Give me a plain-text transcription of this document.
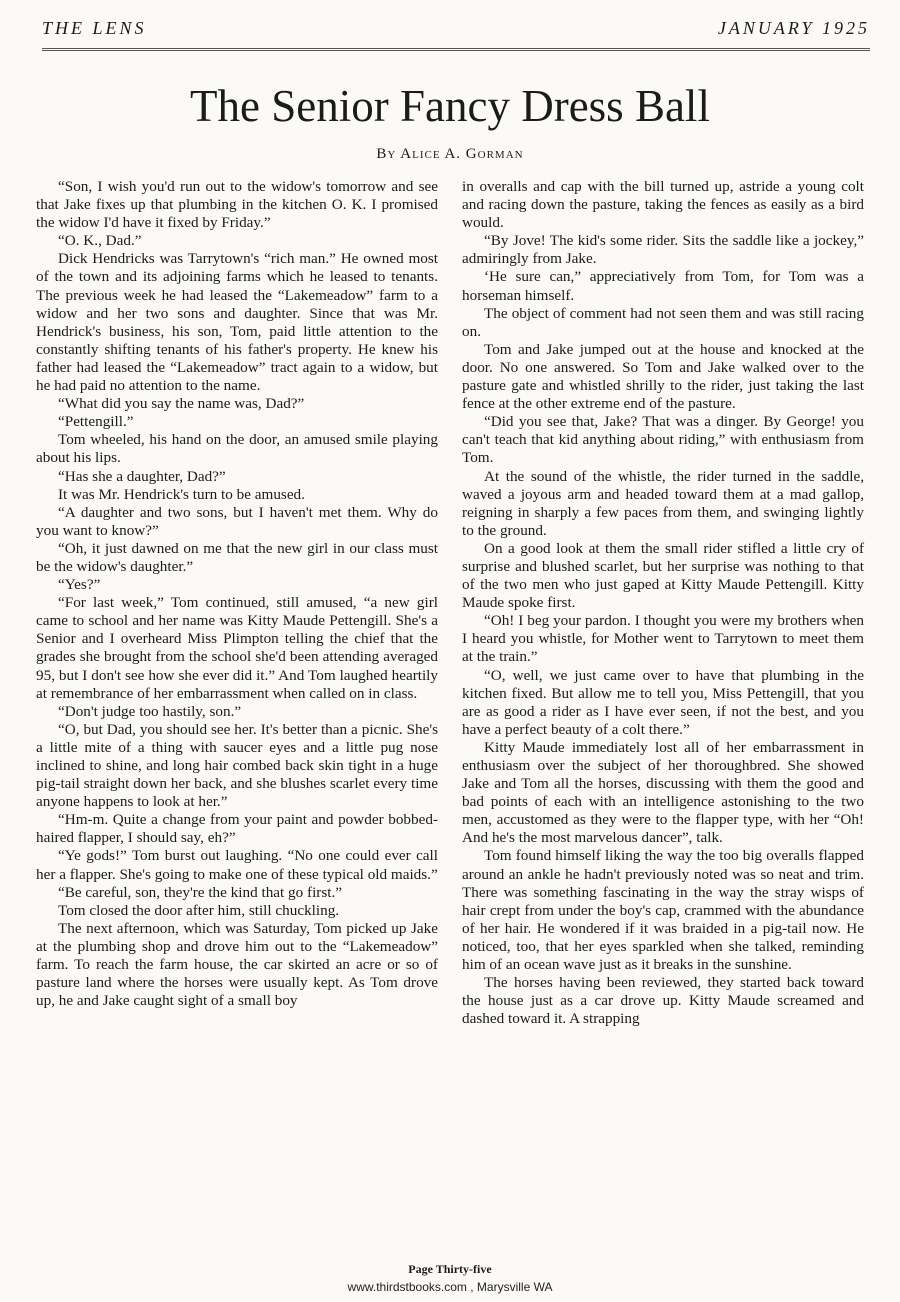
THE LENS	JANUARY 1925
The Senior Fancy Dress Ball
By Alice A. Gorman

“Son, I wish you'd run out to the widow's tomorrow and see that Jake fixes up that plumbing in the kitchen O. K. I promised the widow I'd have it fixed by Friday.”

“O. K., Dad.”

Dick Hendricks was Tarrytown's “rich man.” He owned most of the town and its adjoining farms which he leased to tenants. The previous week he had leased the “Lakemeadow” farm to a widow and her two sons and daughter. Since that was Mr. Hendrick's business, his son, Tom, paid little attention to the constantly shifting tenants of his father's property. He knew his father had leased the “Lakemeadow” tract again to a widow, but he had paid no attention to the name.

“What did you say the name was, Dad?”

“Pettengill.”

Tom wheeled, his hand on the door, an amused smile playing about his lips.

“Has she a daughter, Dad?”

It was Mr. Hendrick's turn to be amused.

“A daughter and two sons, but I haven't met them. Why do you want to know?”

“Oh, it just dawned on me that the new girl in our class must be the widow's daughter.”

“Yes?”

“For last week,” Tom continued, still amused, “a new girl came to school and her name was Kitty Maude Pettengill. She's a Senior and I overheard Miss Plimpton telling the chief that the grades she brought from the school she'd been attending averaged 95, but I don't see how she ever did it.” And Tom laughed heartily at remembrance of her embarrassment when called on in class.

“Don't judge too hastily, son.”

“O, but Dad, you should see her. It's better than a picnic. She's a little mite of a thing with saucer eyes and a little pug nose inclined to shine, and long hair combed back skin tight in a huge pig-tail straight down her back, and she blushes scarlet every time anyone happens to look at her.”

“Hm-m. Quite a change from your paint and powder bobbed-haired flapper, I should say, eh?”

“Ye gods!” Tom burst out laughing. “No one could ever call her a flapper. She's going to make one of these typical old maids.”

“Be careful, son, they're the kind that go first.”

Tom closed the door after him, still chuckling.

The next afternoon, which was Saturday, Tom picked up Jake at the plumbing shop and drove him out to the “Lakemeadow” farm. To reach the farm house, the car skirted an acre or so of pasture land where the horses were usually kept. As Tom drove up, he and Jake caught sight of a small boy

in overalls and cap with the bill turned up, astride a young colt and racing down the pasture, taking the fences as easily as a bird would.

“By Jove! The kid's some rider. Sits the saddle like a jockey,” admiringly from Jake.

‘He sure can,” appreciatively from Tom, for Tom was a horseman himself.

The object of comment had not seen them and was still racing on.

Tom and Jake jumped out at the house and knocked at the door. No one answered. So Tom and Jake walked over to the pasture gate and whistled shrilly to the rider, just taking the last fence at the other extreme end of the pasture.

“Did you see that, Jake? That was a dinger. By George! you can't teach that kid anything about riding,” with enthusiasm from Tom.

At the sound of the whistle, the rider turned in the saddle, waved a joyous arm and headed toward them at a mad gallop, reigning in sharply a few paces from them, and swinging lightly to the ground.

On a good look at them the small rider stifled a little cry of surprise and blushed scarlet, but her surprise was nothing to that of the two men who just gaped at Kitty Maude Pettengill. Kitty Maude spoke first.

“Oh! I beg your pardon. I thought you were my brothers when I heard you whistle, for Mother went to Tarrytown to meet them at the train.”

“O, well, we just came over to have that plumbing in the kitchen fixed. But allow me to tell you, Miss Pettengill, that you are as good a rider as I have ever seen, if not the best, and you have a perfect beauty of a colt there.”

Kitty Maude immediately lost all of her embarrassment in enthusiasm over the subject of her thoroughbred. She showed Jake and Tom all the horses, discussing with them the good and bad points of each with an intelligence astonishing to the two men, accustomed as they were to the flapper type, with her “Oh! And he's the most marvelous dancer”, talk.

Tom found himself liking the way the too big overalls flapped around an ankle he hadn't previously noted was so neat and trim. There was something fascinating in the way the stray wisps of hair crept from under the boy's cap, crammed with the abundance of her hair. He wondered if it was braided in a pig-tail now. He noticed, too, that her eyes sparkled when she talked, reminding him of an ocean wave just as it breaks in the sunshine.

The horses having been reviewed, they started back toward the house just as a car drove up. Kitty Maude screamed and dashed toward it. A strapping

Page Thirty-five
www.thirdstbooks.com , Marysville WA
